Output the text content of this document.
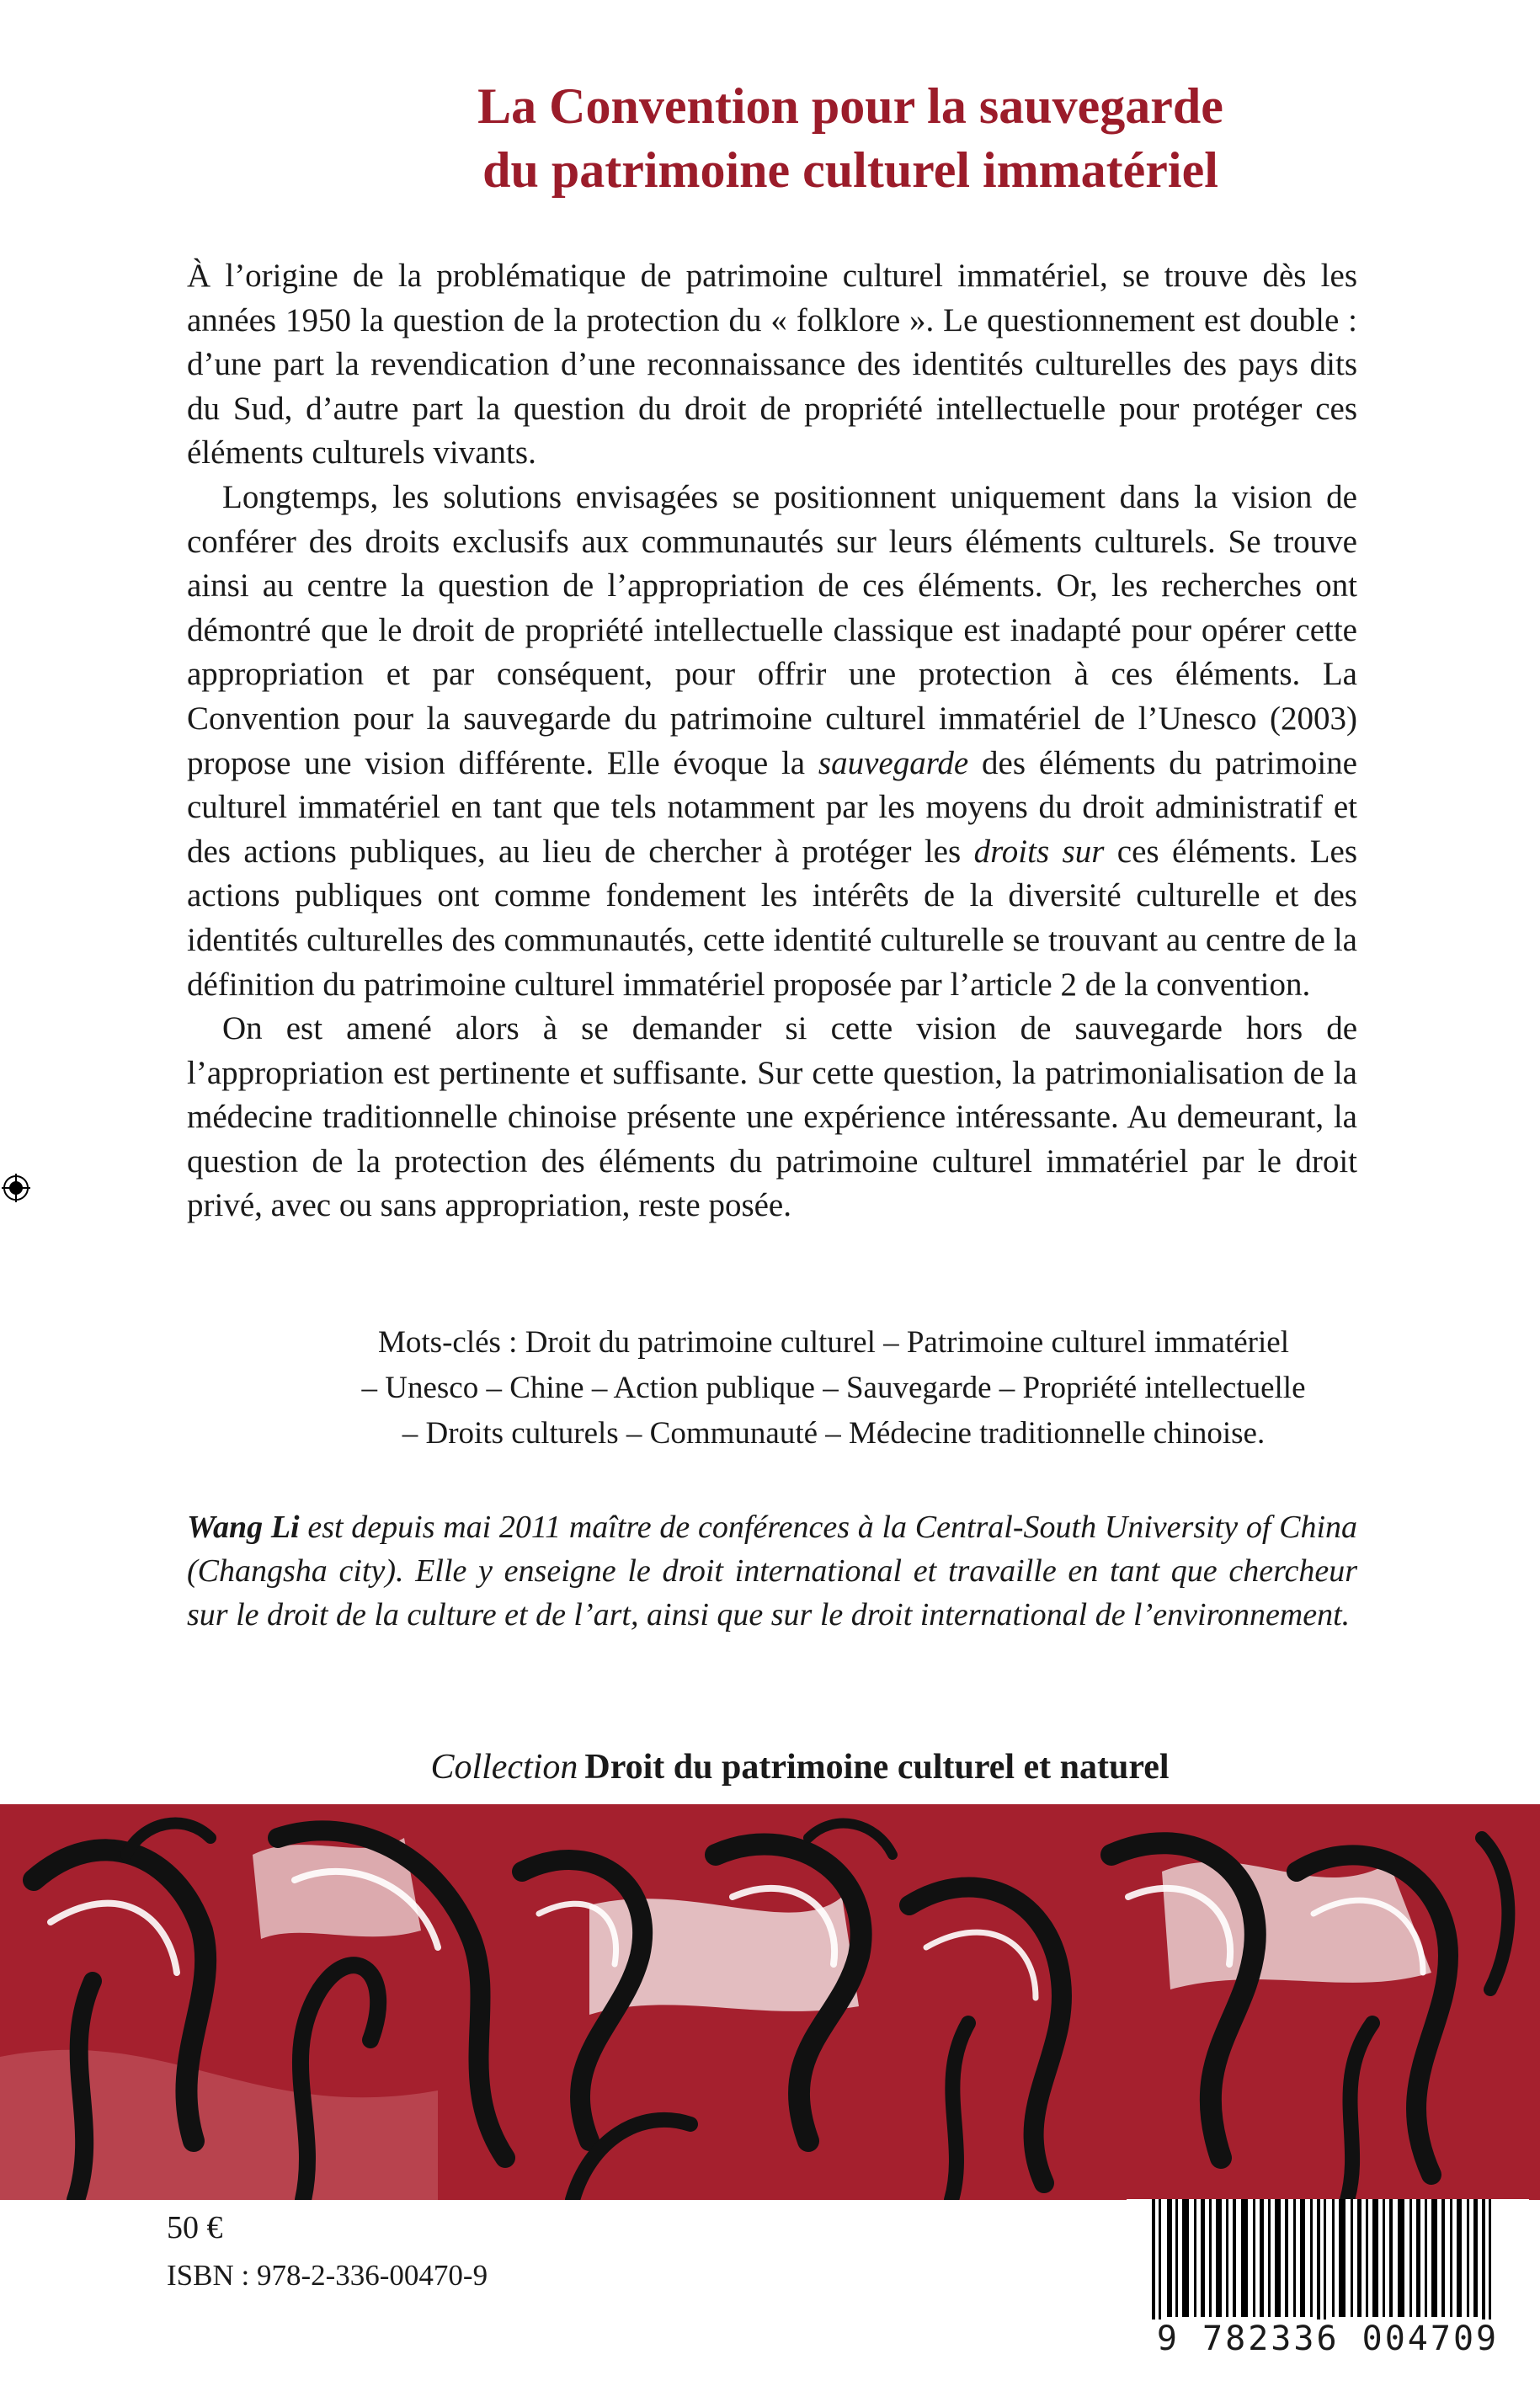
La Convention pour la sauvegarde
du patrimoine culturel immatériel

À l’origine de la problématique de patrimoine culturel immatériel, se trouve dès les années 1950 la question de la protection du « folklore ». Le questionnement est double : d’une part la revendication d’une reconnaissance des identités culturelles des pays dits du Sud, d’autre part la question du droit de propriété intellectuelle pour protéger ces éléments culturels vivants.

Longtemps, les solutions envisagées se positionnent uniquement dans la vision de conférer des droits exclusifs aux communautés sur leurs éléments culturels. Se trouve ainsi au centre la question de l’appropriation de ces éléments. Or, les recherches ont démontré que le droit de propriété intellectuelle classique est inadapté pour opérer cette appropriation et par conséquent, pour offrir une protection à ces éléments. La Convention pour la sauvegarde du patrimoine culturel immatériel de l’Unesco (2003) propose une vision différente. Elle évoque la sauvegarde des éléments du patrimoine culturel immatériel en tant que tels notamment par les moyens du droit administratif et des actions publiques, au lieu de chercher à protéger les droits sur ces éléments. Les actions publiques ont comme fondement les intérêts de la diversité culturelle et des identités culturelles des communautés, cette identité culturelle se trouvant au centre de la définition du patrimoine culturel immatériel proposée par l’article 2 de la convention.

On est amené alors à se demander si cette vision de sauvegarde hors de l’appropriation est pertinente et suffisante. Sur cette question, la patrimonialisation de la médecine traditionnelle chinoise présente une expérience intéressante. Au demeurant, la question de la protection des éléments du patrimoine culturel immatériel par le droit privé, avec ou sans appropriation, reste posée.

Mots-clés : Droit du patrimoine culturel – Patrimoine culturel immatériel
– Unesco – Chine – Action publique – Sauvegarde – Propriété intellectuelle
– Droits culturels – Communauté – Médecine traditionnelle chinoise.

Wang Li est depuis mai 2011 maître de conférences à la Central-South University of China (Changsha city). Elle y enseigne le droit international et travaille en tant que chercheur sur le droit de la culture et de l’art, ainsi que sur le droit international de l’environnement.

Collection Droit du patrimoine culturel et naturel
50 €
ISBN : 978-2-336-00470-9
9 782336 004709
